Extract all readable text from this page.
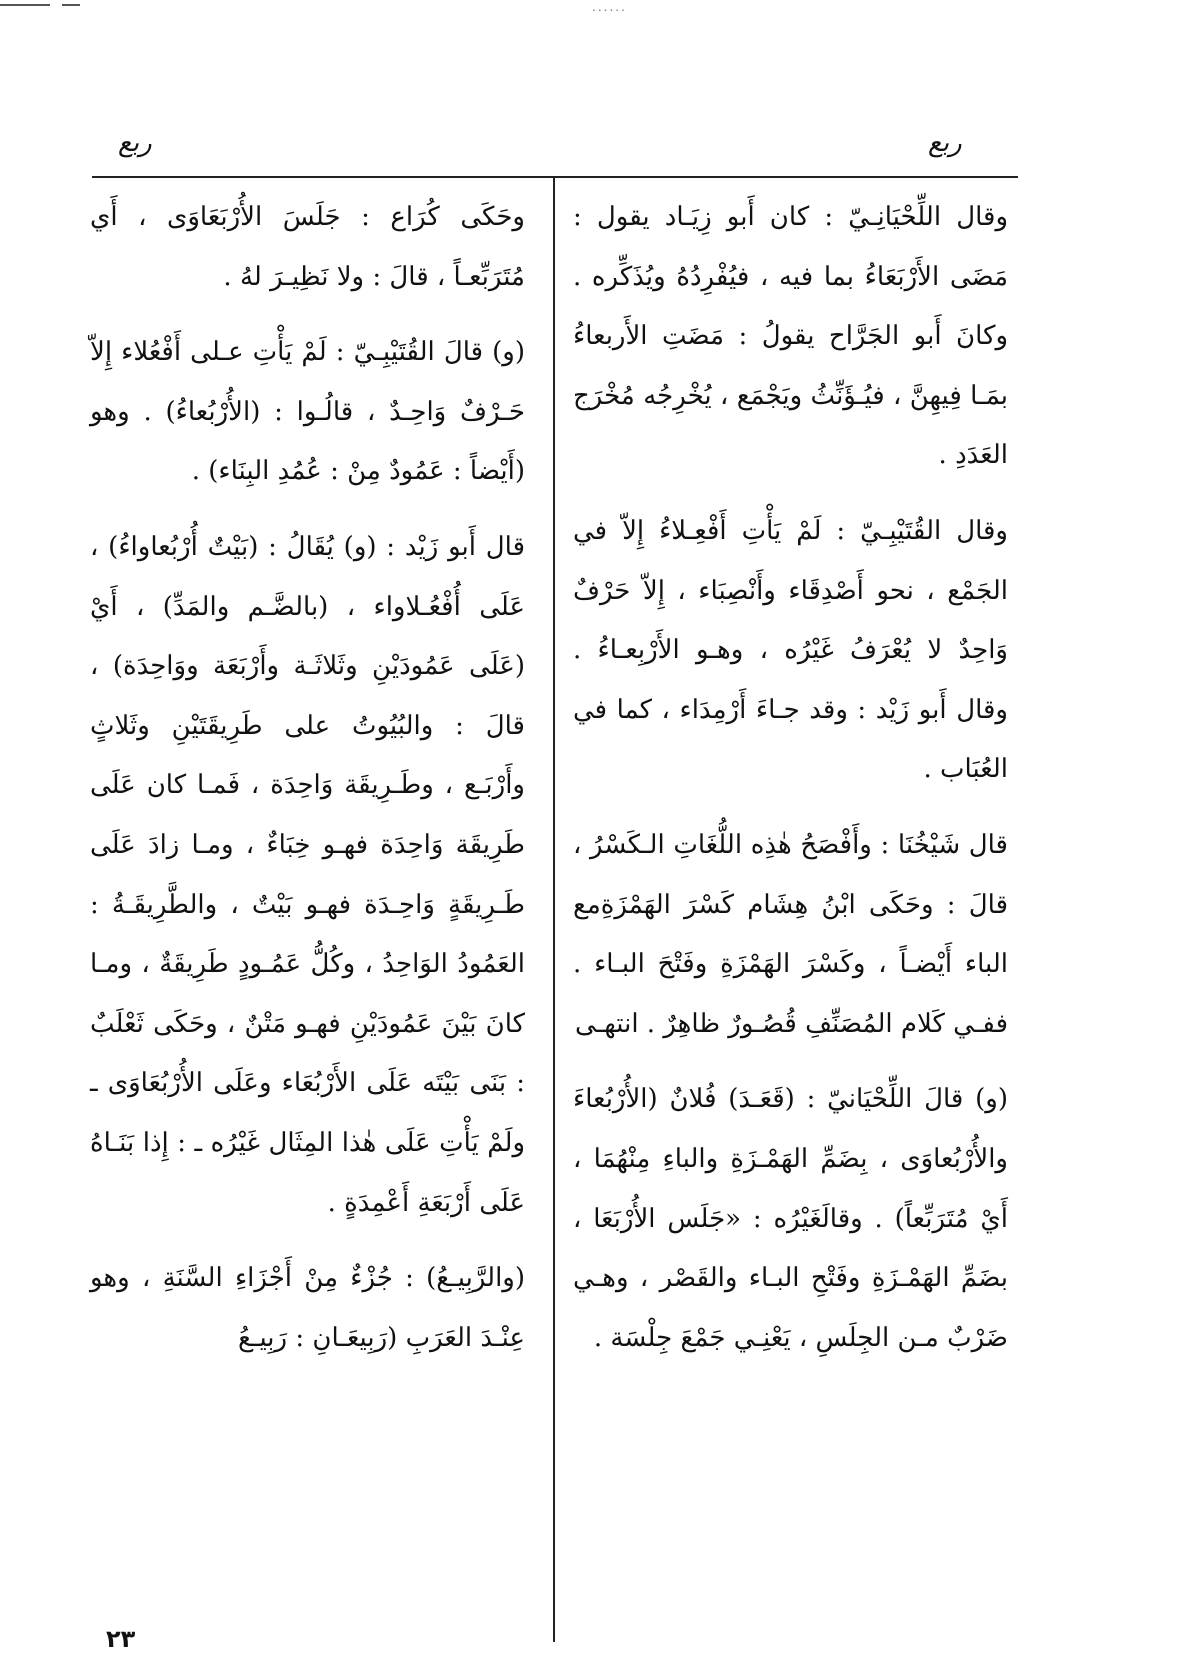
......
ربع	ربع

وقال اللِّحْيَانِـيّ : كان أَبو زِيَـاد يقول : مَضَى الأَرْبَعَاءُ بما فيه ، فيُفْرِدُهُ ويُذَكِّره . وكانَ أَبو الجَرَّاح يقولُ : مَضَتِ الأَربعاءُ بمَـا فِيهِنَّ ، فيُـؤَنِّثُ ويَجْمَع ، يُخْرِجُه مُخْرَج العَدَدِ .

وقال القُتَيْبِـيّ : لَمْ يَأْتِ أَفْعِـلاءُ إِلاّ في الجَمْع ، نحو أَصْدِقَاء وأَنْصِبَاء ، إِلاّ حَرْفٌ وَاحِدٌ لا يُعْرَفُ غَيْرُه ، وهـو الأَرْبِعـاءُ . وقال أَبو زَيْد : وقد جـاءَ أَرْمِدَاء ، كما في العُبَاب .

قال شَيْخُنَا : وأَفْصَحُ هٰذِه اللُّغَاتِ الـكَسْرُ ، قالَ : وحَكَى ابْنُ هِشَام كَسْرَ الهَمْزَةِمع الباء أَيْضـاً ، وكَسْرَ الهَمْزَةِ وفَتْحَ البـاء . ففـي كَلام المُصَنِّفِ قُصُـورٌ ظاهِرٌ . انتهـى

(و) قالَ اللِّحْيَانيّ : (قَعَـدَ) فُلانٌ (الأُرْبُعاءَ والأُرْبُعاوَى ، بِضَمِّ الهَمْـزَةِ والباءِ مِنْهُمَا ، أَيْ مُتَرَبِّعاً) . وقالَغَيْرُه : «جَلَس الأُرْبَعَا ، بضَمِّ الهَمْـزَةِ وفَتْحِ البـاء والقَصْر ، وهـي ضَرْبٌ مـن الجِلَسِ ، يَعْنِـي جَمْعَ جِلْسَة .

وحَكَى كُرَاع : جَلَسَ الأُرْبَعَاوَى ، أَي مُتَرَبِّعـاً ، قالَ : ولا نَظِيـرَ لهُ .

(و) قالَ القُتَيْبِـيّ : لَمْ يَأْتِ عـلى أَفْعُلاء إِلاّ حَـرْفٌ وَاحِـدٌ ، قالُـوا : (الأُرْبُعاءُ) . وهو (أَيْضاً : عَمُودٌ مِنْ : عُمُدِ البِنَاء) .

قال أَبو زَيْد : (و) يُقَالُ : (بَيْتٌ أُرْبُعاواءُ) ، عَلَى أُفْعُـلاواء ، (بالضَّـم والمَدِّ) ، أَيْ (عَلَى عَمُودَيْنِ وثَلاثَـة وأَرْبَعَة ووَاحِدَة) ، قالَ : والبُيُوتُ على طَرِيقَتَيْنِ وثَلاثٍ وأَرْبَـع ، وطَـرِيقَة وَاحِدَة ، فَمـا كان عَلَى طَرِيقَة وَاحِدَة فهـو خِبَاءٌ ، ومـا زادَ عَلَى طَـرِيقَةٍ وَاحِـدَة فهـو بَيْتٌ ، والطَّرِيقَـةُ : العَمُودُ الوَاحِدُ ، وكُلُّ عَمُـودٍ طَرِيقَةٌ ، ومـا كانَ بَيْنَ عَمُودَيْنِ فهـو مَتْنٌ ، وحَكَى ثَعْلَبٌ : بَنَى بَيْتَه عَلَى الأَرْبُعَاء وعَلَى الأُرْبُعَاوَى ـ ولَمْ يَأْتِ عَلَى هٰذا المِثَال غَيْرُه ـ : إِذا بَنَـاهُ عَلَى أَرْبَعَةِ أَعْمِدَةٍ .

(والرَّبِيـعُ) : جُزْءٌ مِنْ أَجْزَاءِ السَّنَةِ ، وهو عِنْـدَ العَرَبِ (رَبِيعَـانِ : رَبِيـعُ

٢٣
